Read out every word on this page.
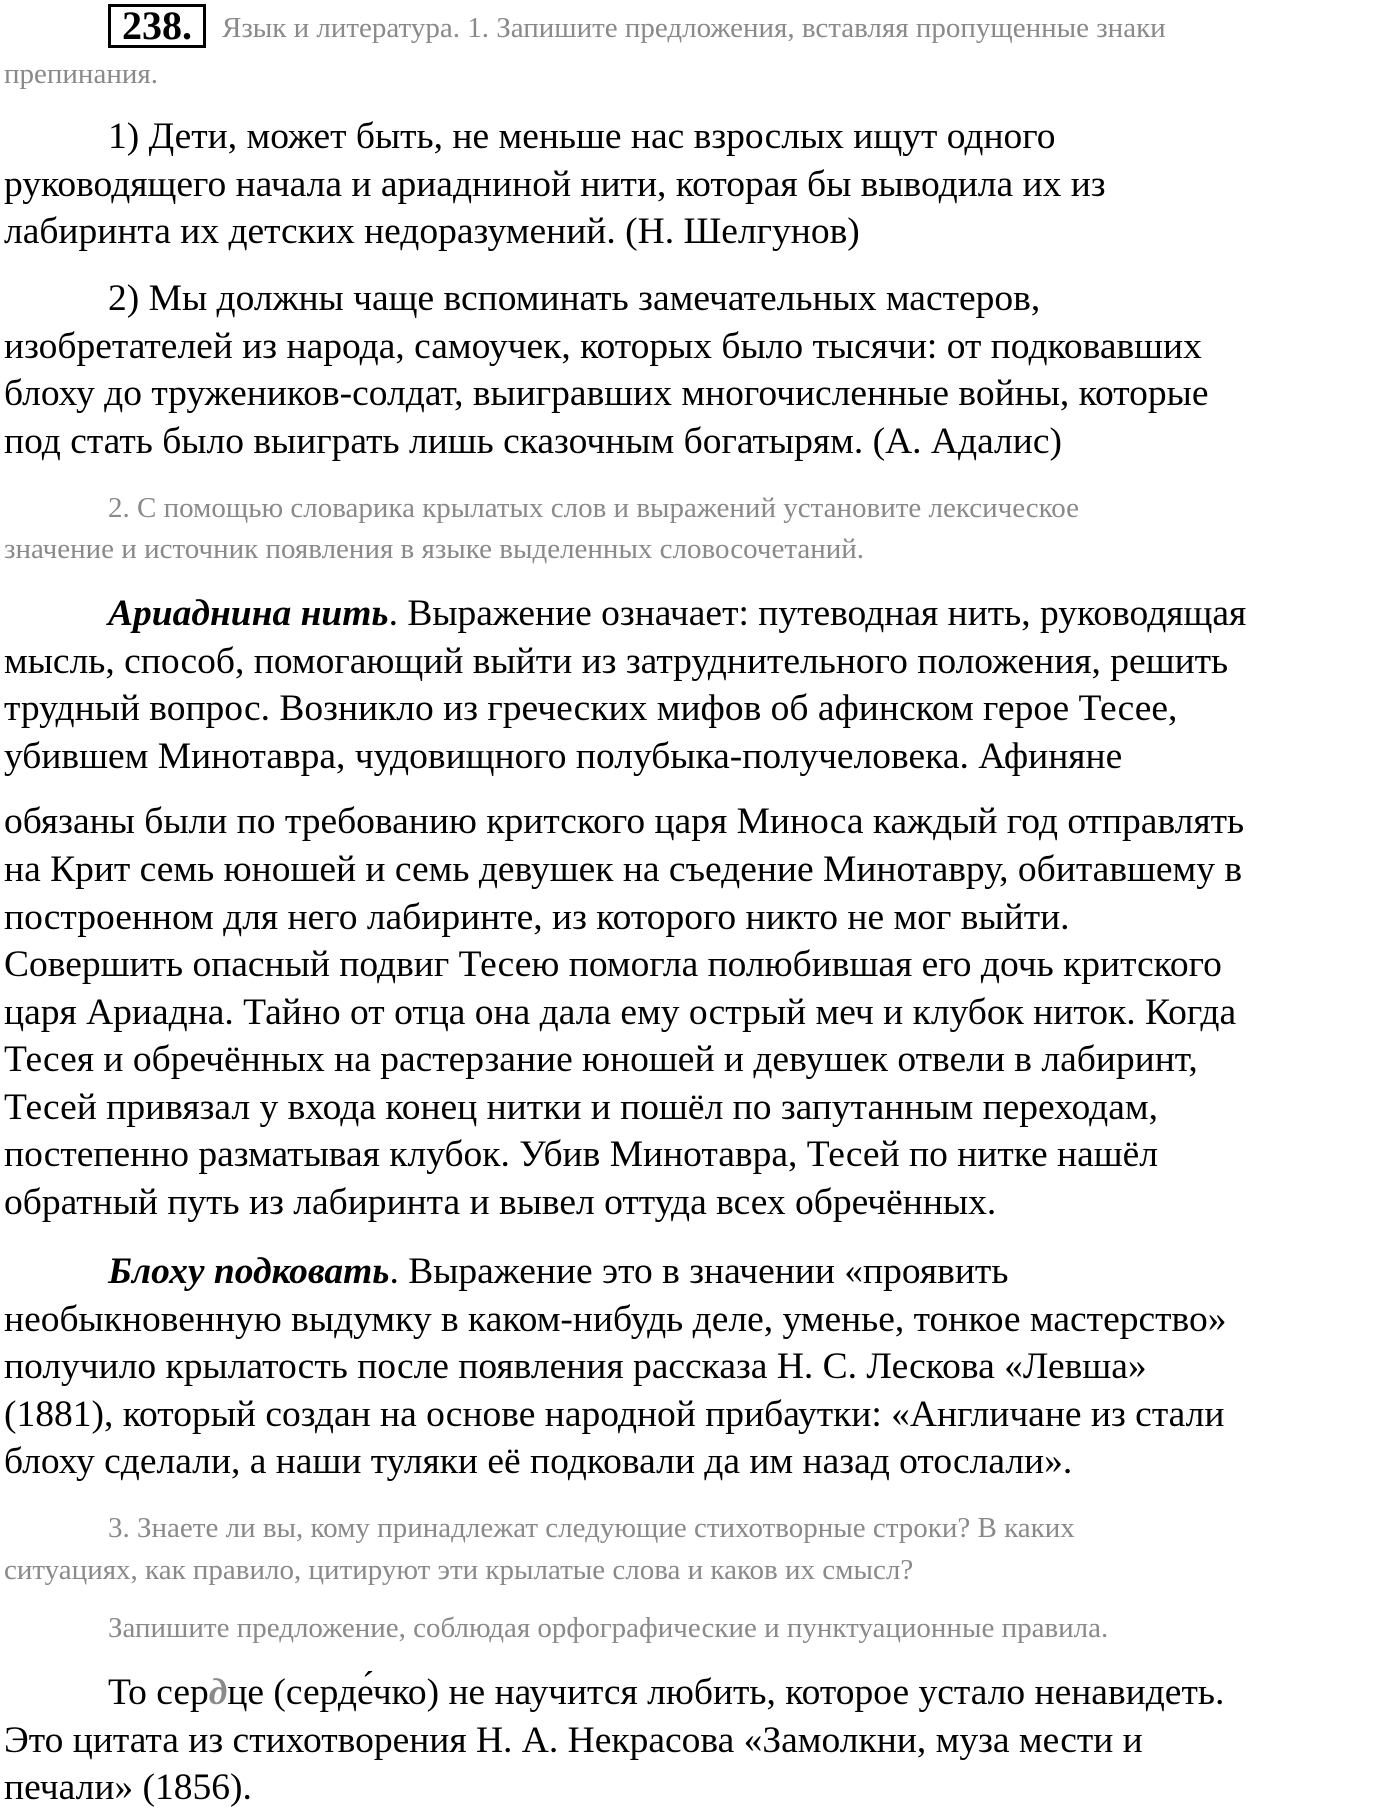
238.	Язык и литература. 1. Запишите предложения, вставляя пропущенные знаки
препинания.
1) Дети, может быть, не меньше нас взрослых ищут одного
руководящего начала и ариадниной нити, которая бы выводила их из
лабиринта их детских недоразумений. (Н. Шелгунов)
2) Мы должны чаще вспоминать замечательных мастеров,
изобретателей из народа, самоучек, которых было тысячи: от подковавших
блоху до тружеников-солдат, выигравших многочисленные войны, которые
под стать было выиграть лишь сказочным богатырям. (А. Адалис)
2. С помощью словарика крылатых слов и выражений установите лексическое
значение и источник появления в языке выделенных словосочетаний.
Ариаднина нить. Выражение означает: путеводная нить, руководящая
мысль, способ, помогающий выйти из затруднительного положения, решить
трудный вопрос. Возникло из греческих мифов об афинском герое Тесее,
убившем Минотавра, чудовищного полубыка-получеловека. Афиняне
обязаны были по требованию критского царя Миноса каждый год отправлять
на Крит семь юношей и семь девушек на съедение Минотавру, обитавшему в
построенном для него лабиринте, из которого никто не мог выйти.
Совершить опасный подвиг Тесею помогла полюбившая его дочь критского
царя Ариадна. Тайно от отца она дала ему острый меч и клубок ниток. Когда
Тесея и обречённых на растерзание юношей и девушек отвели в лабиринт,
Тесей привязал у входа конец нитки и пошёл по запутанным переходам,
постепенно разматывая клубок. Убив Минотавра, Тесей по нитке нашёл
обратный путь из лабиринта и вывел оттуда всех обречённых.
Блоху подковать. Выражение это в значении «проявить
необыкновенную выдумку в каком-нибудь деле, уменье, тонкое мастерство»
получило крылатость после появления рассказа Н. С. Лескова «Левша»
(1881), который создан на основе народной прибаутки: «Англичане из стали
блоху сделали, а наши туляки её подковали да им назад отослали».
3. Знаете ли вы, кому принадлежат следующие стихотворные строки? В каких
ситуациях, как правило, цитируют эти крылатые слова и каков их смысл?
Запишите предложение, соблюдая орфографические и пунктуационные правила.
То сердце (серде́чко) не научится любить, которое устало ненавидеть.
Это цитата из стихотворения Н. А. Некрасова «Замолкни, муза мести и
печали» (1856).
